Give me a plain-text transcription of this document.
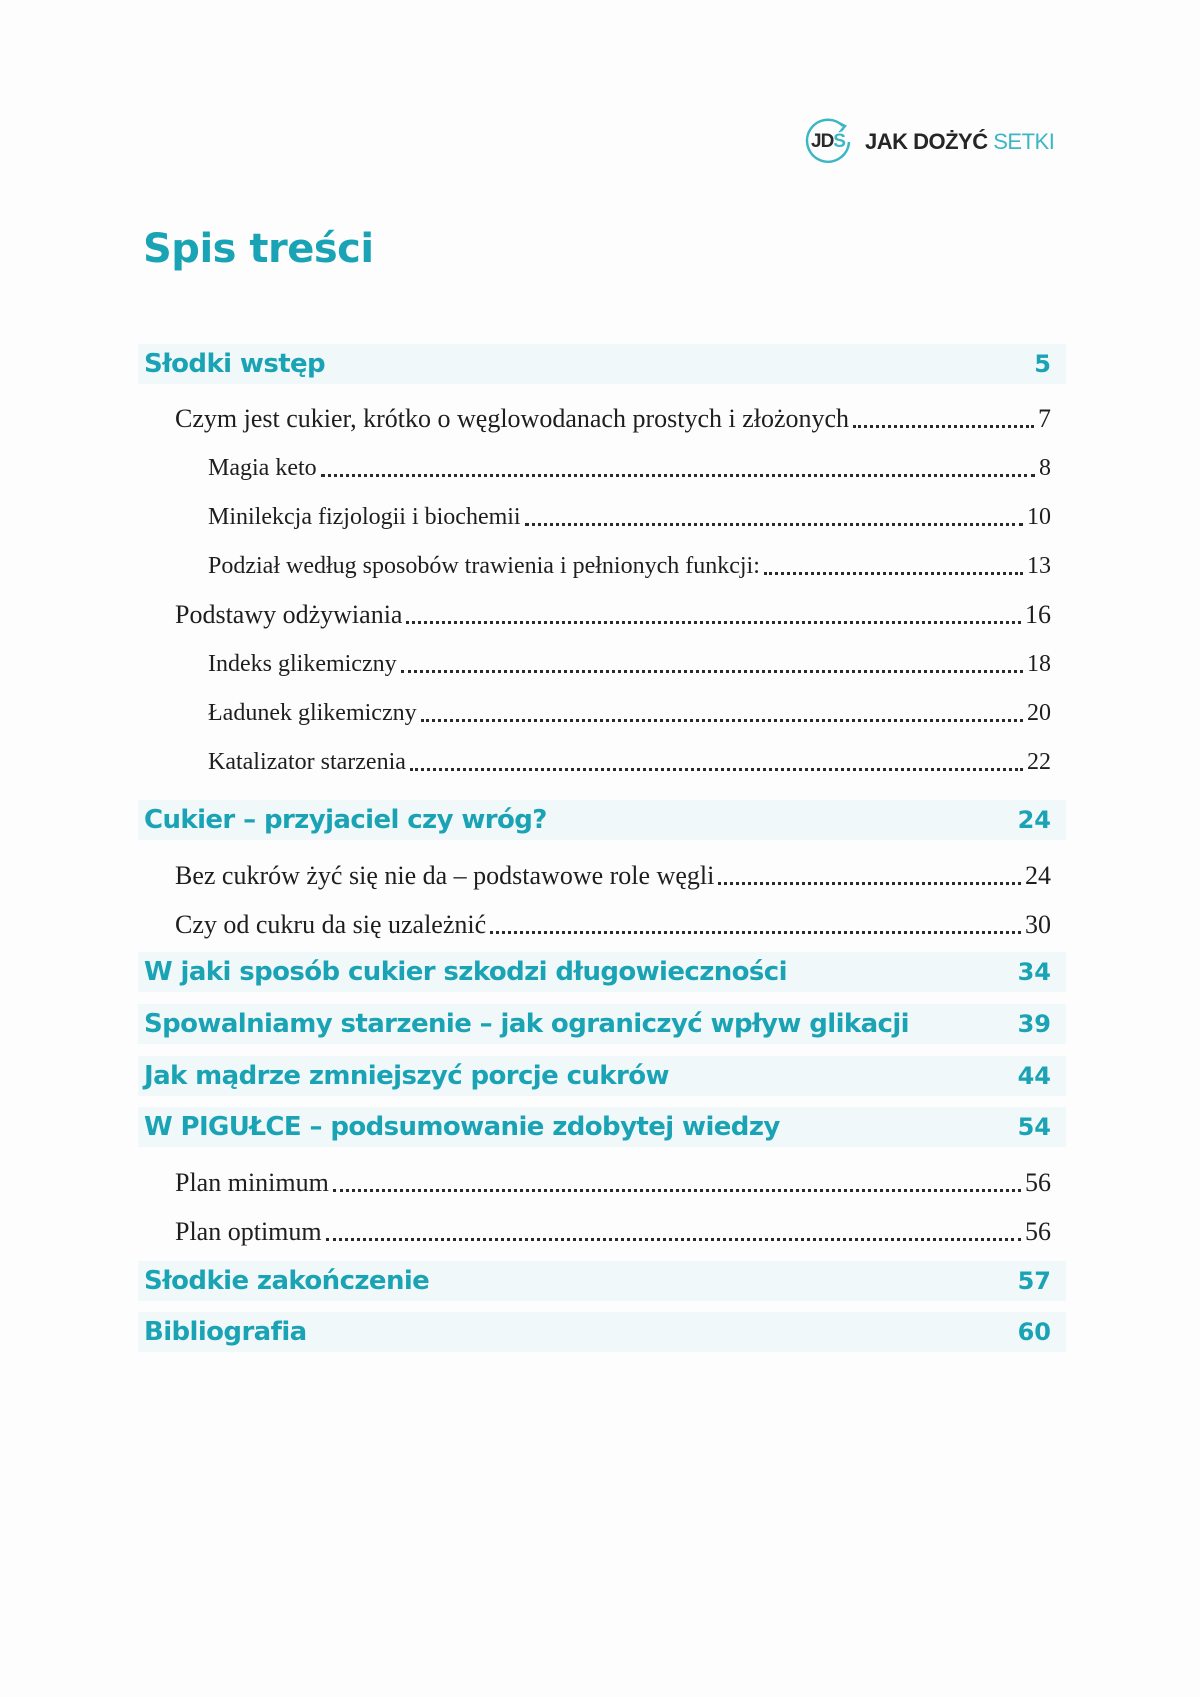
JD Ś JAK DOŻYĆ SETKI
Spis treści
Słodki wstęp	5
Czym jest cukier, krótko o węglowodanach prostych i złożonych	7
Magia keto	8
Minilekcja fizjologii i biochemii	10
Podział według sposobów trawienia i pełnionych funkcji:	13
Podstawy odżywiania	16
Indeks glikemiczny	18
Ładunek glikemiczny	20
Katalizator starzenia	22
Cukier – przyjaciel czy wróg?	24
Bez cukrów żyć się nie da – podstawowe role węgli	24
Czy od cukru da się uzależnić	30
W jaki sposób cukier szkodzi długowieczności	34
Spowalniamy starzenie – jak ograniczyć wpływ glikacji	39
Jak mądrze zmniejszyć porcje cukrów	44
W PIGUŁCE – podsumowanie zdobytej wiedzy	54
Plan minimum	56
Plan optimum	56
Słodkie zakończenie	57
Bibliografia	60
